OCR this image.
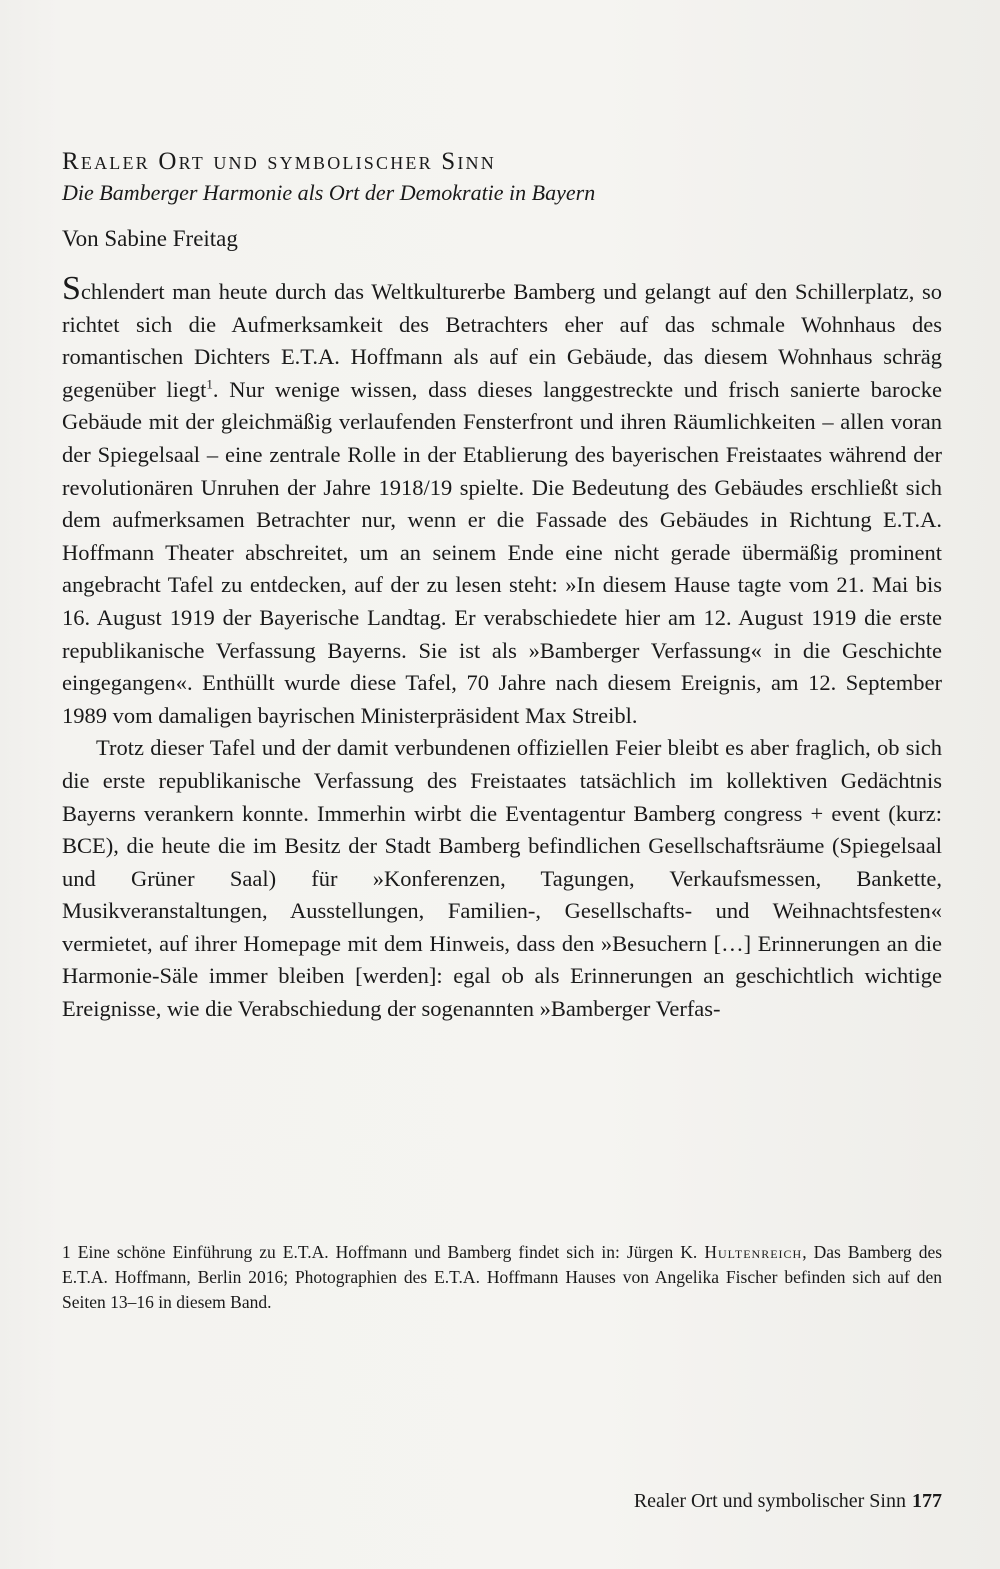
Realer Ort und symbolischer Sinn

Die Bamberger Harmonie als Ort der Demokratie in Bayern

Von Sabine Freitag

Schlendert man heute durch das Weltkulturerbe Bamberg und gelangt auf den Schillerplatz, so richtet sich die Aufmerksamkeit des Betrachters eher auf das schmale Wohnhaus des romantischen Dichters E.T.A. Hoffmann als auf ein Gebäude, das diesem Wohnhaus schräg gegenüber liegt$^1$. Nur wenige wissen, dass dieses langgestreckte und frisch sanierte barocke Gebäude mit der gleichmäßig verlaufenden Fensterfront und ihren Räumlichkeiten – allen voran der Spiegelsaal – eine zentrale Rolle in der Etablierung des bayerischen Freistaates während der revolutionären Unruhen der Jahre 1918/19 spielte. Die Bedeutung des Gebäudes erschließt sich dem aufmerksamen Betrachter nur, wenn er die Fassade des Gebäudes in Richtung E.T.A. Hoffmann Theater abschreitet, um an seinem Ende eine nicht gerade übermäßig prominent angebracht Tafel zu entdecken, auf der zu lesen steht: »In diesem Hause tagte vom 21. Mai bis 16. August 1919 der Bayerische Landtag. Er verabschiedete hier am 12. August 1919 die erste republikanische Verfassung Bayerns. Sie ist als »Bamberger Verfassung« in die Geschichte eingegangen«. Enthüllt wurde diese Tafel, 70 Jahre nach diesem Ereignis, am 12. September 1989 vom damaligen bayrischen Ministerpräsident Max Streibl.

Trotz dieser Tafel und der damit verbundenen offiziellen Feier bleibt es aber fraglich, ob sich die erste republikanische Verfassung des Freistaates tatsächlich im kollektiven Gedächtnis Bayerns verankern konnte. Immerhin wirbt die Eventagentur Bamberg congress + event (kurz: BCE), die heute die im Besitz der Stadt Bamberg befindlichen Gesellschaftsräume (Spiegelsaal und Grüner Saal) für »Konferenzen, Tagungen, Verkaufsmessen, Bankette, Musikveranstaltungen, Ausstellungen, Familien-, Gesellschafts- und Weihnachtsfesten« vermietet, auf ihrer Homepage mit dem Hinweis, dass den »Besuchern […] Erinnerungen an die Harmonie-Säle immer bleiben [werden]: egal ob als Erinnerungen an geschichtlich wichtige Ereignisse, wie die Verabschiedung der sogenannten »Bamberger Verfas-

1 Eine schöne Einführung zu E.T.A. Hoffmann und Bamberg findet sich in: Jürgen K. Hultenreich, Das Bamberg des E.T.A. Hoffmann, Berlin 2016; Photographien des E.T.A. Hoffmann Hauses von Angelika Fischer befinden sich auf den Seiten 13–16 in diesem Band.
Realer Ort und symbolischer Sinn 177
